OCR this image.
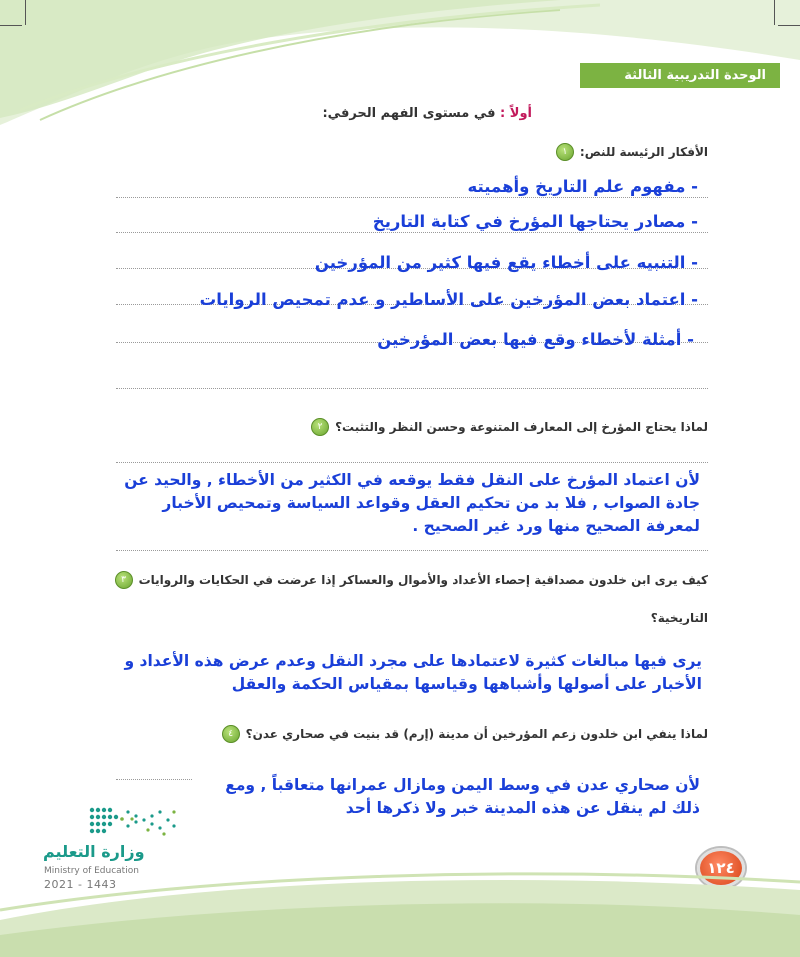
الوحدة التدريبية الثالثة
أولاً : في مستوى الفهم الحرفي:
١	الأفكار الرئيسة للنص:
- مفهوم علم التاريخ وأهميته
- مصادر يحتاجها المؤرخ في كتابة التاريخ
- التنبيه على أخطاء يقع فيها كثير من المؤرخين
- اعتماد بعض المؤرخين على الأساطير و عدم تمحيص الروايات
- أمثلة لأخطاء وقع فيها بعض المؤرخين
٢	لماذا يحتاج المؤرخ إلى المعارف المتنوعة وحسن النظر والتثبت؟
لأن اعتماد المؤرخ على النقل فقط يوقعه في الكثير من الأخطاء , والحيد عن
جادة الصواب , فلا بد من تحكيم العقل وقواعد السياسة وتمحيص الأخبار
لمعرفة الصحيح منها ورد غير الصحيح .
٣	كيف يرى ابن خلدون مصداقية إحصاء الأعداد والأموال والعساكر إذا عرضت في الحكايات والروايات
التاريخية؟
يرى فيها مبالغات كثيرة لاعتمادها على مجرد النقل وعدم عرض هذه الأعداد و
الأخبار على أصولها وأشباهها وقياسها بمقياس الحكمة والعقل
٤	لماذا ينفي ابن خلدون زعم المؤرخين أن مدينة (إرم) قد بنيت في صحاري عدن؟
لأن صحاري عدن في وسط اليمن ومازال عمرانها متعاقباً , ومع
ذلك لم ينقل عن هذه المدينة خبر ولا ذكرها أحد
وزارة التعليم
Ministry of Education
2021 - 1443
١٢٤
